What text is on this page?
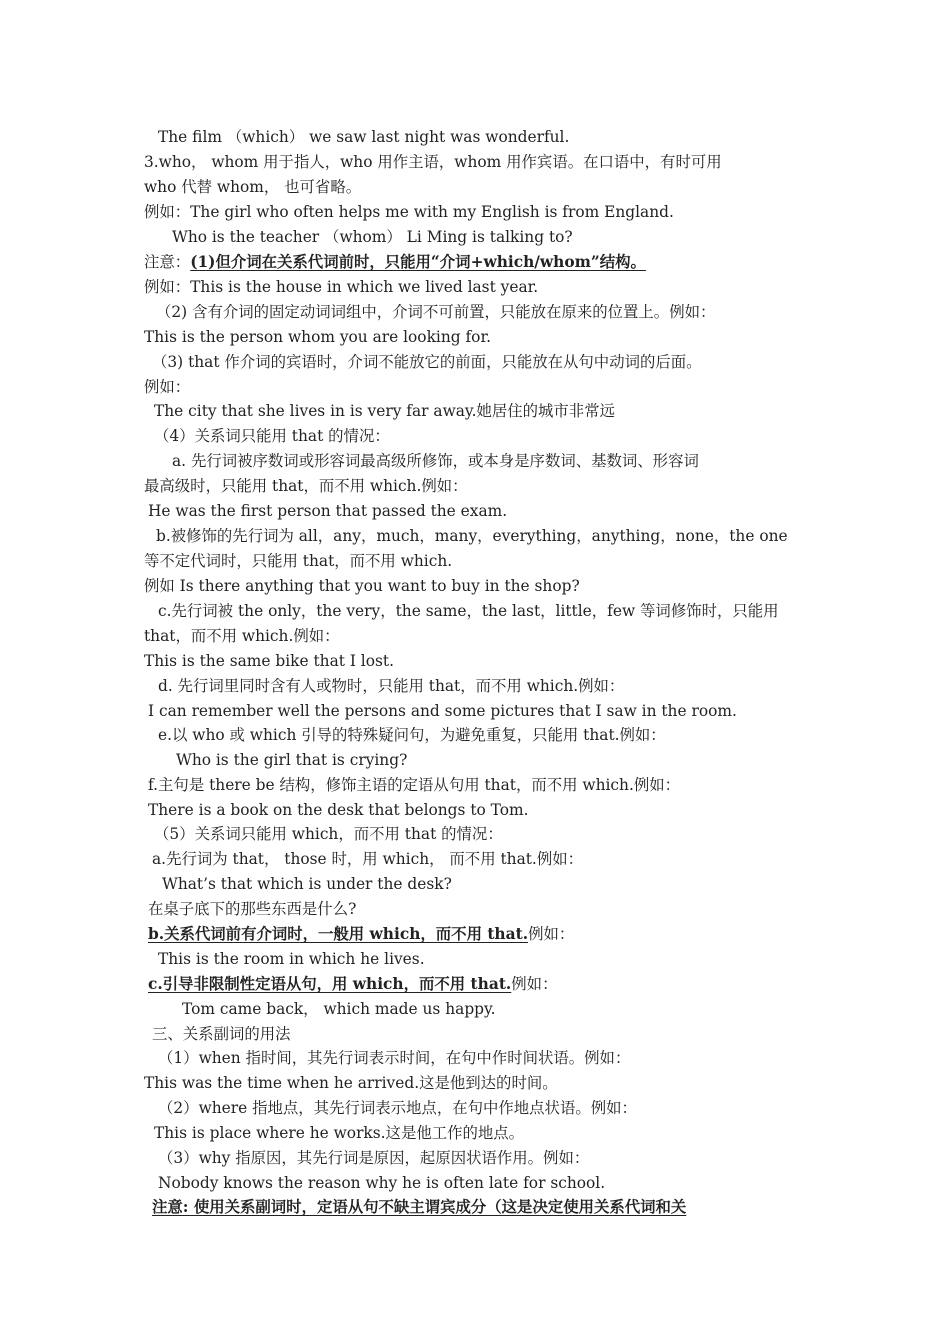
The film （which） we saw last night was wonderful.
3.who， whom 用于指人，who 用作主语，whom 用作宾语。在口语中，有时可用
who 代替 whom， 也可省略。
例如：The girl who often helps me with my English is from England.
Who is the teacher （whom） Li Ming is talking to?
注意：(1)但介词在关系代词前时，只能用“介词+which/whom”结构。
例如：This is the house in which we lived last year.
（2) 含有介词的固定动词词组中，介词不可前置，只能放在原来的位置上。例如：
This is the person whom you are looking for.
（3) that 作介词的宾语时，介词不能放它的前面，只能放在从句中动词的后面。
例如：
The city that she lives in is very far away.她居住的城市非常远
（4）关系词只能用 that 的情况：
a. 先行词被序数词或形容词最高级所修饰，或本身是序数词、基数词、形容词
最高级时，只能用 that，而不用 which.例如：
He was the first person that passed the exam.
b.被修饰的先行词为 all，any，much，many，everything，anything，none，the one
等不定代词时，只能用 that，而不用 which.
例如 Is there anything that you want to buy in the shop?
c.先行词被 the only，the very，the same，the last，little，few 等词修饰时，只能用
that，而不用 which.例如：
This is the same bike that I lost.
d. 先行词里同时含有人或物时，只能用 that，而不用 which.例如：
I can remember well the persons and some pictures that I saw in the room.
e.以 who 或 which 引导的特殊疑问句，为避免重复，只能用 that.例如：
Who is the girl that is crying?
f.主句是 there be 结构，修饰主语的定语从句用 that，而不用 which.例如：
There is a book on the desk that belongs to Tom.
（5）关系词只能用 which，而不用 that 的情况：
a.先行词为 that， those 时，用 which， 而不用 that.例如：
What’s that which is under the desk?
在桌子底下的那些东西是什么?
b.关系代词前有介词时，一般用 which，而不用 that.例如：
This is the room in which he lives.
c.引导非限制性定语从句，用 which，而不用 that.例如：
Tom came back， which made us happy.
三、关系副词的用法
（1）when 指时间，其先行词表示时间，在句中作时间状语。例如：
This was the time when he arrived.这是他到达的时间。
（2）where 指地点，其先行词表示地点，在句中作地点状语。例如：
This is place where he works.这是他工作的地点。
（3）why 指原因，其先行词是原因，起原因状语作用。例如：
Nobody knows the reason why he is often late for school.
注意: 使用关系副词时，定语从句不缺主谓宾成分（这是决定使用关系代词和关
